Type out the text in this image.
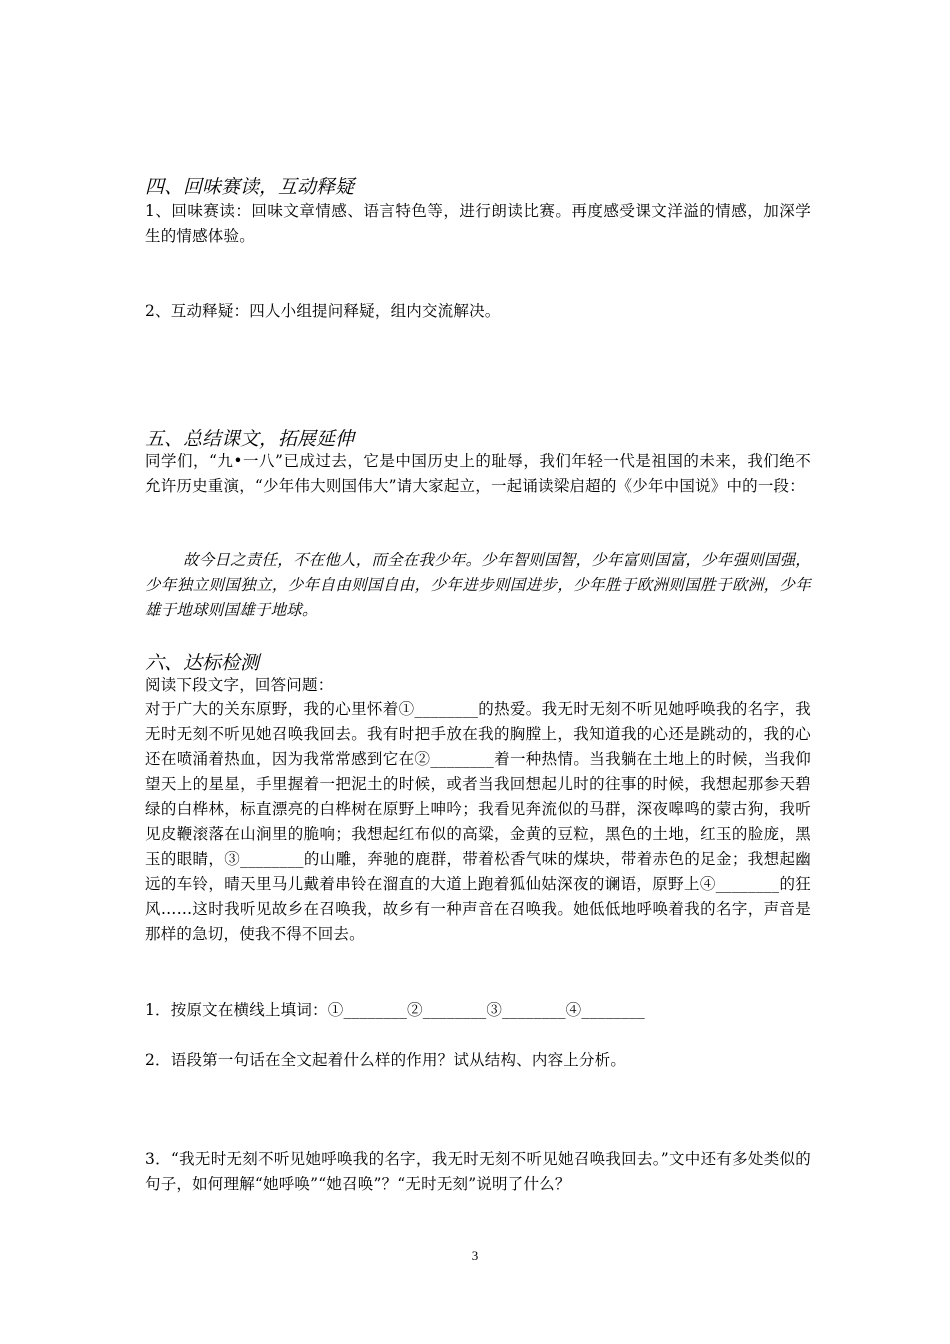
四、回味赛读，互动释疑
1、回味赛读：回味文章情感、语言特色等，进行朗读比赛。再度感受课文洋溢的情感，加深学生的情感体验。
2、互动释疑：四人小组提问释疑，组内交流解决。
五、总结课文，拓展延伸
同学们，“九•一八”已成过去，它是中国历史上的耻辱，我们年轻一代是祖国的未来，我们绝不允许历史重演，“少年伟大则国伟大”请大家起立，一起诵读梁启超的《少年中国说》中的一段：
故今日之责任，不在他人，而全在我少年。少年智则国智，少年富则国富，少年强则国强，少年独立则国独立，少年自由则国自由，少年进步则国进步，少年胜于欧洲则国胜于欧洲，少年雄于地球则国雄于地球。
六、达标检测
阅读下段文字，回答问题：
对于广大的关东原野，我的心里怀着①________的热爱。我无时无刻不听见她呼唤我的名字，我无时无刻不听见她召唤我回去。我有时把手放在我的胸膛上，我知道我的心还是跳动的，我的心还在喷涌着热血，因为我常常感到它在②________着一种热情。当我躺在土地上的时候，当我仰望天上的星星，手里握着一把泥土的时候，或者当我回想起儿时的往事的时候，我想起那参天碧绿的白桦林，标直漂亮的白桦树在原野上呻吟；我看见奔流似的马群，深夜嗥鸣的蒙古狗，我听见皮鞭滚落在山涧里的脆响；我想起红布似的高粱，金黄的豆粒，黑色的土地，红玉的脸庞，黑玉的眼睛，③________的山雕，奔驰的鹿群，带着松香气味的煤块，带着赤色的足金；我想起幽远的车铃，晴天里马儿戴着串铃在溜直的大道上跑着狐仙姑深夜的谰语，原野上④________的狂风……这时我听见故乡在召唤我，故乡有一种声音在召唤我。她低低地呼唤着我的名字，声音是那样的急切，使我不得不回去。
1．按原文在横线上填词：①________②________③________④________
2．语段第一句话在全文起着什么样的作用？试从结构、内容上分析。
3．“我无时无刻不听见她呼唤我的名字，我无时无刻不听见她召唤我回去。”文中还有多处类似的句子，如何理解“她呼唤”“她召唤”？“无时无刻”说明了什么？
3
